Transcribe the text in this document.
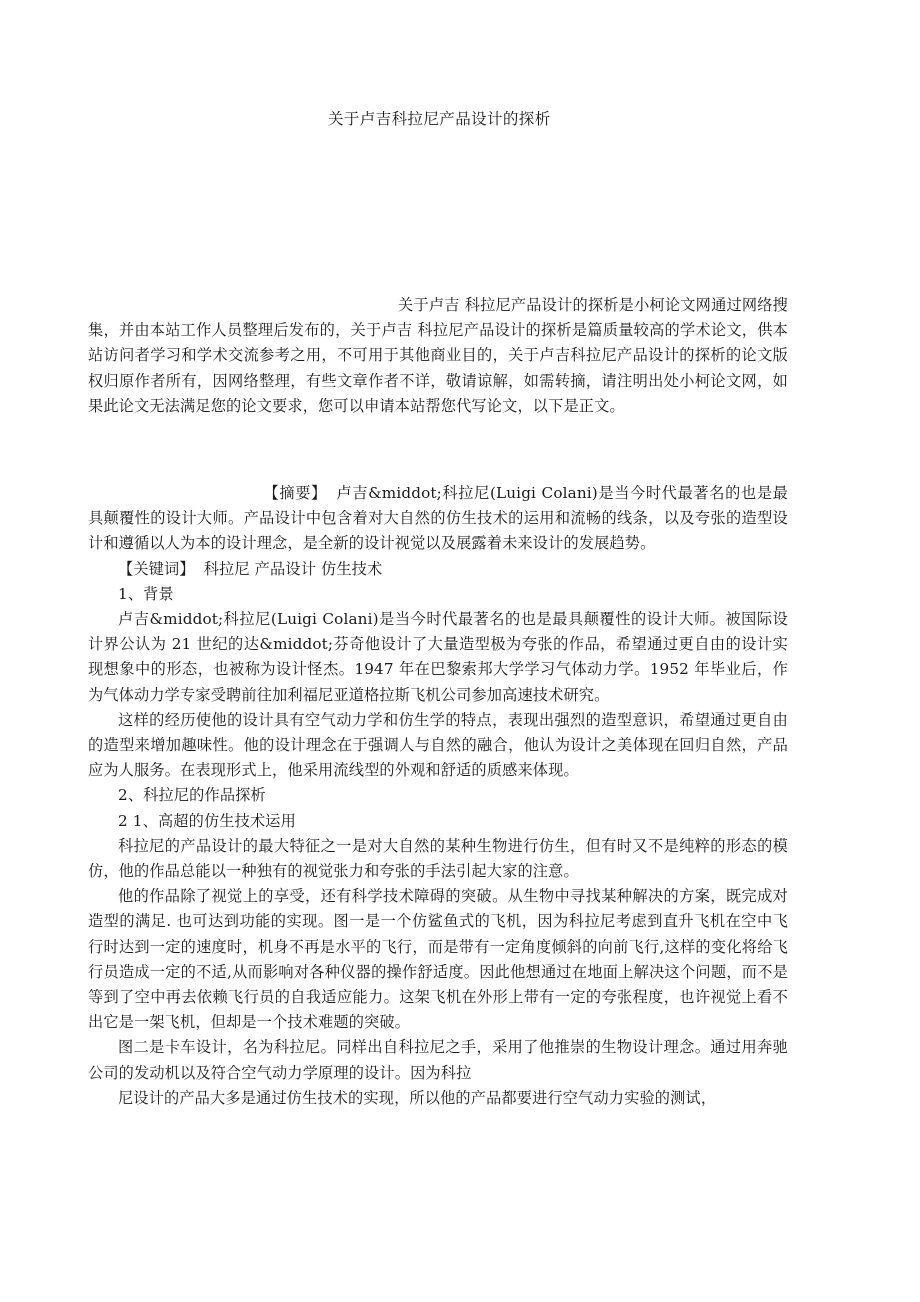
关于卢吉科拉尼产品设计的探析

关于卢吉 科拉尼产品设计的探析是小柯论文网通过网络搜集，并由本站工作人员整理后发布的，关于卢吉 科拉尼产品设计的探析是篇质量较高的学术论文，供本站访问者学习和学术交流参考之用，不可用于其他商业目的，关于卢吉科拉尼产品设计的探析的论文版权归原作者所有，因网络整理，有些文章作者不详，敬请谅解，如需转摘，请注明出处小柯论文网，如果此论文无法满足您的论文要求，您可以申请本站帮您代写论文，以下是正文。

【摘要】 卢吉&middot;科拉尼(Luigi Colani)是当今时代最著名的也是最具颠覆性的设计大师。产品设计中包含着对大自然的仿生技术的运用和流畅的线条，以及夸张的造型设计和遵循以人为本的设计理念，是全新的设计视觉以及展露着未来设计的发展趋势。

【关键词】 科拉尼 产品设计 仿生技术

1、背景

卢吉&middot;科拉尼(Luigi Colani)是当今时代最著名的也是最具颠覆性的设计大师。被国际设计界公认为 21 世纪的达&middot;芬奇他设计了大量造型极为夸张的作品，希望通过更自由的设计实现想象中的形态，也被称为设计怪杰。1947 年在巴黎索邦大学学习气体动力学。1952 年毕业后，作为气体动力学专家受聘前往加利福尼亚道格拉斯飞机公司参加高速技术研究。

这样的经历使他的设计具有空气动力学和仿生学的特点，表现出强烈的造型意识，希望通过更自由的造型来增加趣味性。他的设计理念在于强调人与自然的融合，他认为设计之美体现在回归自然，产品应为人服务。在表现形式上，他采用流线型的外观和舒适的质感来体现。

2、科拉尼的作品探析

2 1、高超的仿生技术运用

科拉尼的产品设计的最大特征之一是对大自然的某种生物进行仿生，但有时又不是纯粹的形态的模仿，他的作品总能以一种独有的视觉张力和夸张的手法引起大家的注意。

他的作品除了视觉上的享受，还有科学技术障碍的突破。从生物中寻找某种解决的方案，既完成对造型的满足. 也可达到功能的实现。图一是一个仿鲨鱼式的飞机，因为科拉尼考虑到直升飞机在空中飞行时达到一定的速度时，机身不再是水平的飞行，而是带有一定角度倾斜的向前飞行,这样的变化将给飞行员造成一定的不适,从而影响对各种仪器的操作舒适度。因此他想通过在地面上解决这个问题，而不是等到了空中再去依赖飞行员的自我适应能力。这架飞机在外形上带有一定的夸张程度，也许视觉上看不出它是一架飞机，但却是一个技术难题的突破。

图二是卡车设计，名为科拉尼。同样出自科拉尼之手，采用了他推崇的生物设计理念。通过用奔驰公司的发动机以及符合空气动力学原理的设计。因为科拉

尼设计的产品大多是通过仿生技术的实现，所以他的产品都要进行空气动力实验的测试，
